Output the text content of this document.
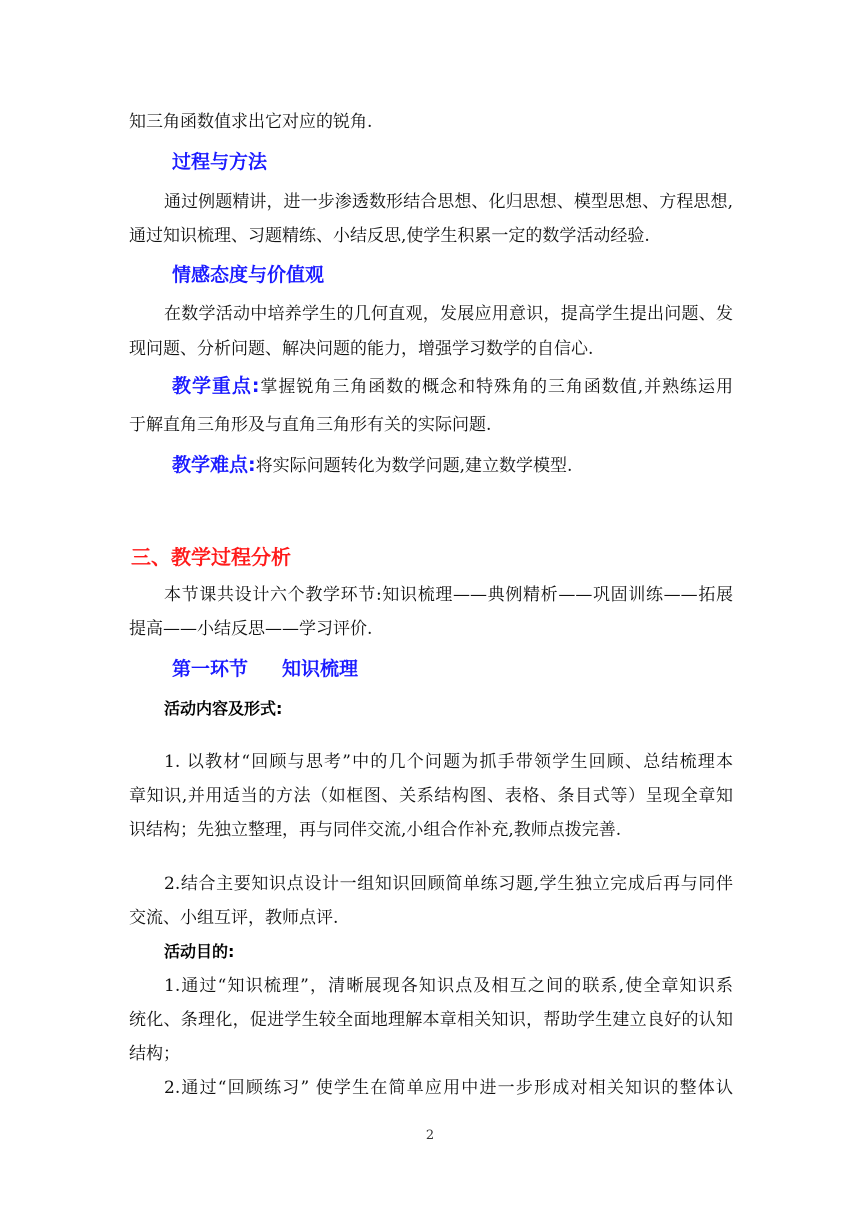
知三角函数值求出它对应的锐角.

过程与方法

通过例题精讲，进一步渗透数形结合思想、化归思想、模型思想、方程思想,

通过知识梳理、习题精练、小结反思,使学生积累一定的数学活动经验.

情感态度与价值观

在数学活动中培养学生的几何直观，发展应用意识，提高学生提出问题、发

现问题、分析问题、解决问题的能力，增强学习数学的自信心.

教学重点:掌握锐角三角函数的概念和特殊角的三角函数值,并熟练运用

于解直角三角形及与直角三角形有关的实际问题.

教学难点:将实际问题转化为数学问题,建立数学模型.

三、教学过程分析

本节课共设计六个教学环节:知识梳理——典例精析——巩固训练——拓展

提高——小结反思——学习评价.

第一环节 知识梳理

活动内容及形式:

1. 以教材“回顾与思考”中的几个问题为抓手带领学生回顾、总结梳理本

章知识,并用适当的方法（如框图、关系结构图、表格、条目式等）呈现全章知

识结构；先独立整理，再与同伴交流,小组合作补充,教师点拨完善.

2.结合主要知识点设计一组知识回顾简单练习题,学生独立完成后再与同伴

交流、小组互评，教师点评.

活动目的:

1.通过“知识梳理”，清晰展现各知识点及相互之间的联系,使全章知识系

统化、条理化，促进学生较全面地理解本章相关知识，帮助学生建立良好的认知

结构；

2.通过“回顾练习” 使学生在简单应用中进一步形成对相关知识的整体认

2
